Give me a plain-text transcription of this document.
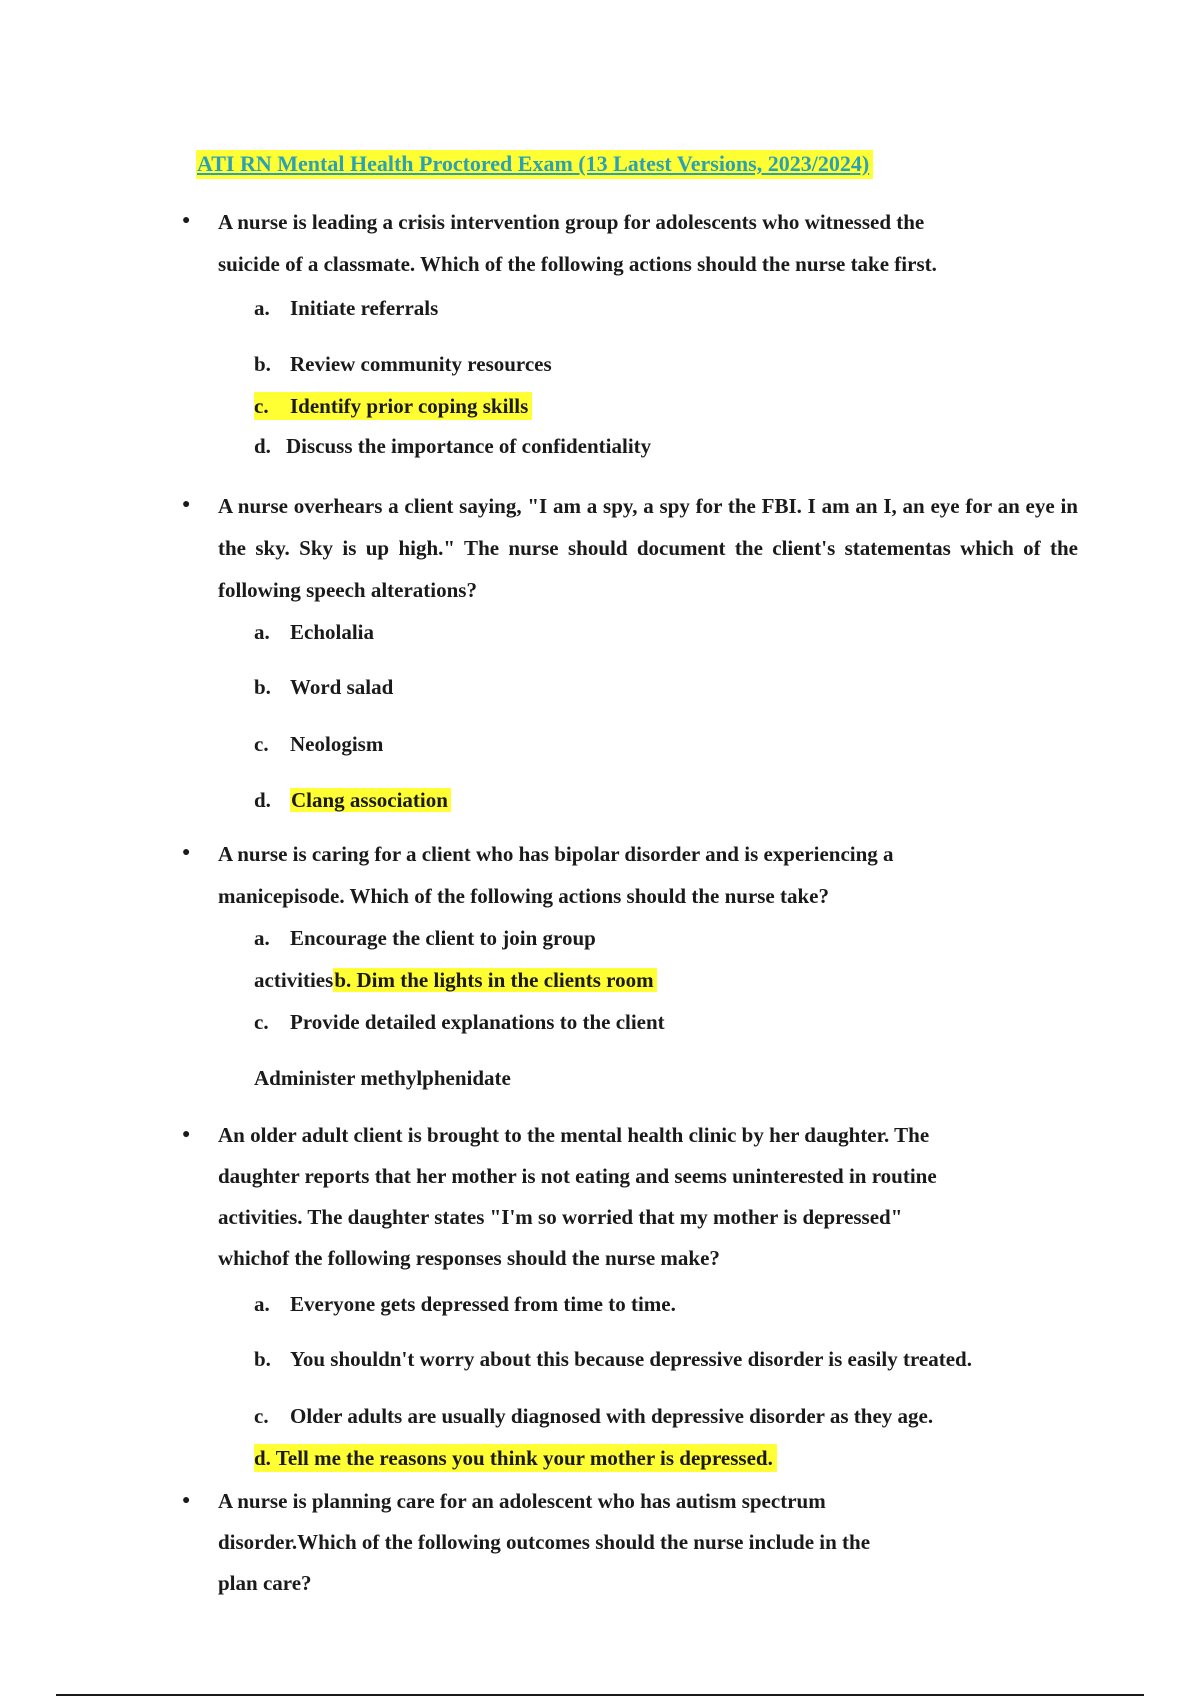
ATI RN Mental Health Proctored Exam (13 Latest Versions, 2023/2024)
● A nurse is leading a crisis intervention group for adolescents who witnessed the
suicide of a classmate. Which of the following actions should the nurse take first.
a. Initiate referrals
b. Review community resources
c. Identify prior coping skills
d. Discuss the importance of confidentiality
● A nurse overhears a client saying, "I am a spy, a spy for the FBI. I am an I, an eye for an eye in the sky. Sky is up high." The nurse should document the client's statementas which of the following speech alterations?
a. Echolalia
b. Word salad
c. Neologism
d. Clang association
● A nurse is caring for a client who has bipolar disorder and is experiencing a
manicepisode. Which of the following actions should the nurse take?
a. Encourage the client to join group
activitiesb. Dim the lights in the clients room
c. Provide detailed explanations to the client
Administer methylphenidate
● An older adult client is brought to the mental health clinic by her daughter. The
daughter reports that her mother is not eating and seems uninterested in routine
activities. The daughter states "I'm so worried that my mother is depressed"
whichof the following responses should the nurse make?
a. Everyone gets depressed from time to time.
b. You shouldn't worry about this because depressive disorder is easily treated.
c. Older adults are usually diagnosed with depressive disorder as they age.
d. Tell me the reasons you think your mother is depressed.
● A nurse is planning care for an adolescent who has autism spectrum
disorder.Which of the following outcomes should the nurse include in the
plan care?
